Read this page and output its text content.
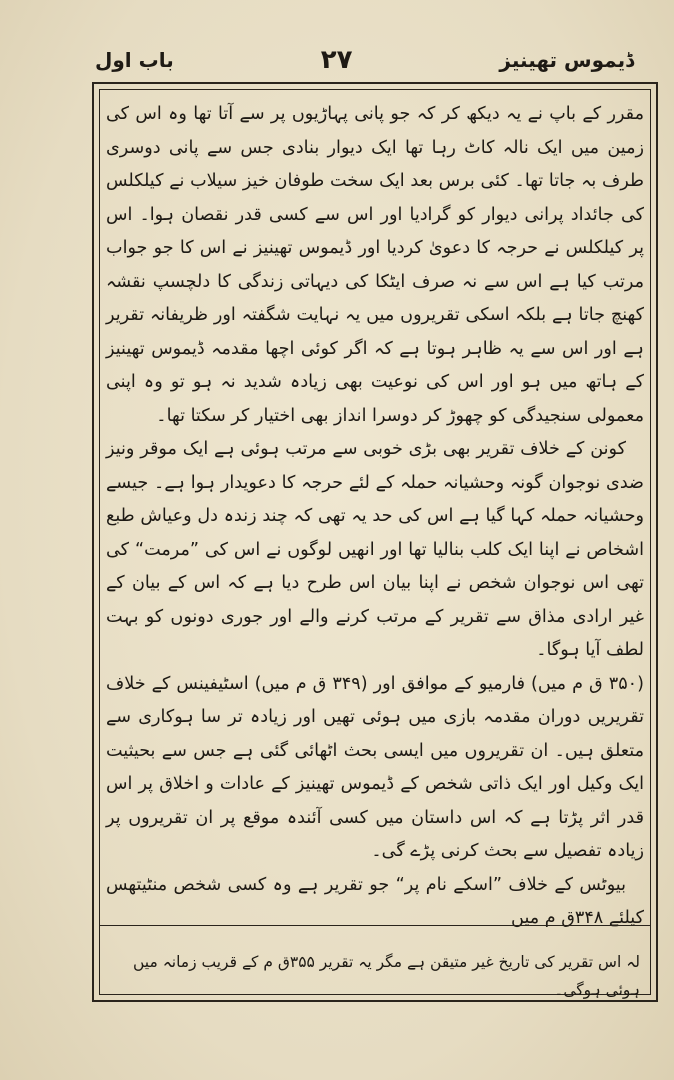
ڈیموس تھینیز
۲۷
باب اول

مقرر کے باپ نے یہ دیکھ کر کہ جو پانی پہاڑیوں پر سے آتا تھا وہ اس کی زمین میں ایک نالہ کاٹ رہا تھا ایک دیوار بنادی جس سے پانی دوسری طرف بہ جاتا تھا۔ کئی برس بعد ایک سخت طوفان خیز سیلاب نے کیلکلس کی جائداد پرانی دیوار کو گرادیا اور اس سے کسی قدر نقصان ہوا۔ اس پر کیلکلس نے حرجہ کا دعویٰ کردیا اور ڈیموس تھینیز نے اس کا جو جواب مرتب کیا ہے اس سے نہ صرف ایٹکا کی دیہاتی زندگی کا دلچسپ نقشہ کھنچ جاتا ہے بلکہ اسکی تقریروں میں یہ نہایت شگفتہ اور ظریفانہ تقریر ہے اور اس سے یہ ظاہر ہوتا ہے کہ اگر کوئی اچھا مقدمہ ڈیموس تھینیز کے ہاتھ میں ہو اور اس کی نوعیت بھی زیادہ شدید نہ ہو تو وہ اپنی معمولی سنجیدگی کو چھوڑ کر دوسرا انداز بھی اختیار کر سکتا تھا۔

کونن کے خلاف تقریر بھی بڑی خوبی سے مرتب ہوئی ہے ایک موقر ونیز ضدی نوجوان گونہ وحشیانہ حملہ کے لئے حرجہ کا دعویدار ہوا ہے۔ جیسے وحشیانہ حملہ کہا گیا ہے اس کی حد یہ تھی کہ چند زندہ دل وعیاش طبع اشخاص نے اپنا ایک کلب بنالیا تھا اور انھیں لوگوں نے اس کی ”مرمت“ کی تھی اس نوجوان شخص نے اپنا بیان اس طرح دیا ہے کہ اس کے بیان کے غیر ارادی مذاق سے تقریر کے مرتب کرنے والے اور جوری دونوں کو بہت لطف آیا ہوگا۔

(۳۵۰ ق م میں) فارمیو کے موافق اور (۳۴۹ ق م میں) اسٹیفینس کے خلاف تقریریں دوران مقدمہ بازی میں ہوئی تھیں اور زیادہ تر سا ہوکاری سے متعلق ہیں۔ ان تقریروں میں ایسی بحث اٹھائی گئی ہے جس سے بحیثیت ایک وکیل اور ایک ذاتی شخص کے ڈیموس تھینیز کے عادات و اخلاق پر اس قدر اثر پڑتا ہے کہ اس داستان میں کسی آئندہ موقع پر ان تقریروں پر زیادہ تفصیل سے بحث کرنی پڑے گی۔

بیوٹس کے خلاف ”اسکے نام پر“ جو تقریر ہے وہ کسی شخص منٹیتھس کیلئے ۳۴۸ق م میں

لہ اس تقریر کی تاریخ غیر متیقن ہے مگر یہ تقریر ۳۵۵ق م کے قریب زمانہ میں ہوئی ہوگی۔
